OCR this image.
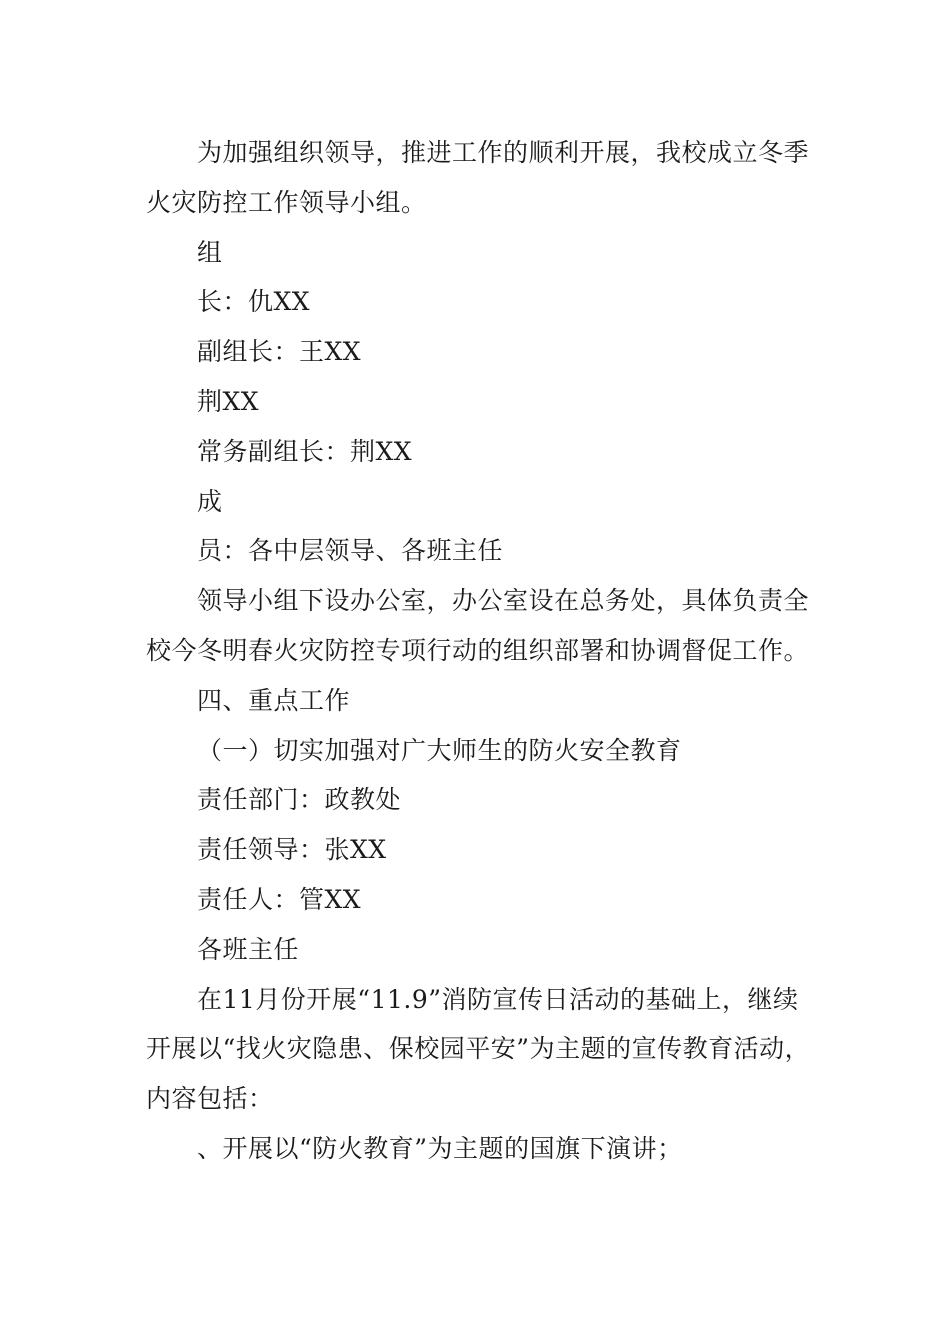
为加强组织领导，推进工作的顺利开展，我校成立冬季火灾防控工作领导小组。

组

长：仇XX

副组长：王XX

荆XX

常务副组长：荆XX

成

员：各中层领导、各班主任

领导小组下设办公室，办公室设在总务处，具体负责全校今冬明春火灾防控专项行动的组织部署和协调督促工作。

四、重点工作

（一）切实加强对广大师生的防火安全教育

责任部门：政教处

责任领导：张XX

责任人：管XX

各班主任

在11月份开展“11.9”消防宣传日活动的基础上，继续开展以“找火灾隐患、保校园平安”为主题的宣传教育活动，内容包括：

、开展以“防火教育”为主题的国旗下演讲；
